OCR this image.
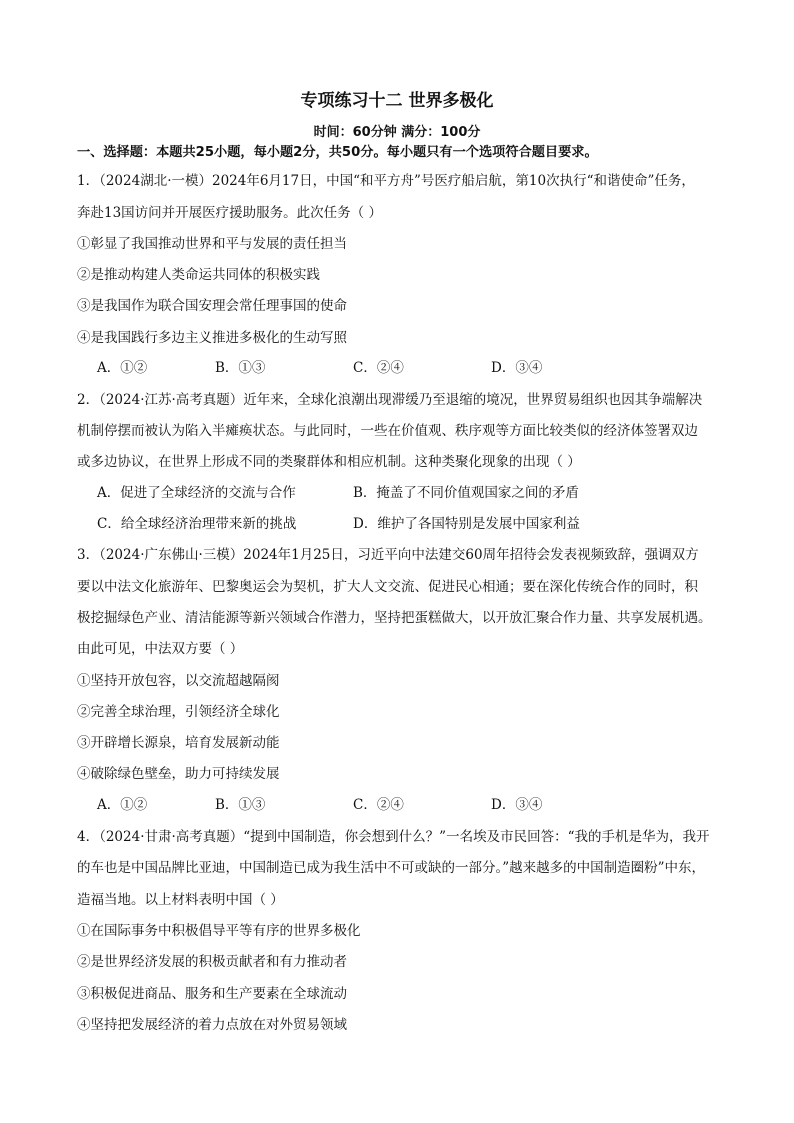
专项练习十二 世界多极化
时间：60分钟 满分：100分
一、选择题：本题共25小题，每小题2分，共50分。每小题只有一个选项符合题目要求。
1．（2024湖北·一模）2024年6月17日，中国“和平方舟”号医疗船启航，第10次执行“和谐使命”任务，
奔赴13国访问并开展医疗援助服务。此次任务（ ）
①彰显了我国推动世界和平与发展的责任担当
②是推动构建人类命运共同体的积极实践
③是我国作为联合国安理会常任理事国的使命
④是我国践行多边主义推进多极化的生动写照
A．①②	B．①③	C．②④	D．③④
2．（2024·江苏·高考真题）近年来，全球化浪潮出现滞缓乃至退缩的境况，世界贸易组织也因其争端解决
机制停摆而被认为陷入半瘫痪状态。与此同时，一些在价值观、秩序观等方面比较类似的经济体签署双边
或多边协议，在世界上形成不同的类聚群体和相应机制。这种类聚化现象的出现（ ）
A．促进了全球经济的交流与合作	B．掩盖了不同价值观国家之间的矛盾
C．给全球经济治理带来新的挑战	D．维护了各国特别是发展中国家利益
3．（2024·广东佛山·三模）2024年1月25日，习近平向中法建交60周年招待会发表视频致辞，强调双方
要以中法文化旅游年、巴黎奥运会为契机，扩大人文交流、促进民心相通；要在深化传统合作的同时，积
极挖掘绿色产业、清洁能源等新兴领域合作潜力，坚持把蛋糕做大，以开放汇聚合作力量、共享发展机遇。
由此可见，中法双方要（ ）
①坚持开放包容，以交流超越隔阂
②完善全球治理，引领经济全球化
③开辟增长源泉，培育发展新动能
④破除绿色壁垒，助力可持续发展
A．①②	B．①③	C．②④	D．③④
4．（2024·甘肃·高考真题）“提到中国制造，你会想到什么？”一名埃及市民回答：“我的手机是华为，我开
的车也是中国品牌比亚迪，中国制造已成为我生活中不可或缺的一部分。”越来越多的中国制造圈粉”中东，
造福当地。以上材料表明中国（ ）
①在国际事务中积极倡导平等有序的世界多极化
②是世界经济发展的积极贡献者和有力推动者
③积极促进商品、服务和生产要素在全球流动
④坚持把发展经济的着力点放在对外贸易领域
